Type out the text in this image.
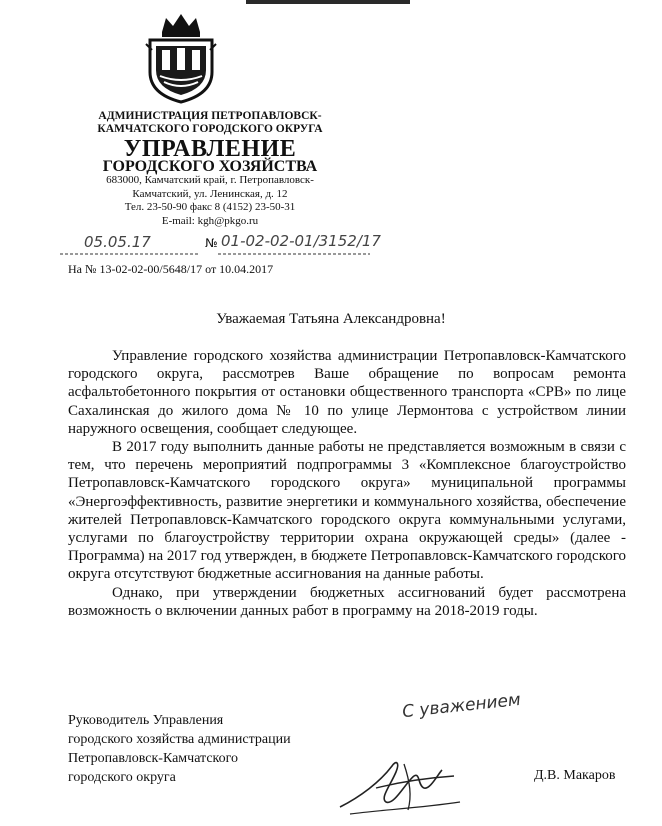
АДМИНИСТРАЦИЯ ПЕТРОПАВЛОВСК-
КАМЧАТСКОГО ГОРОДСКОГО ОКРУГА
УПРАВЛЕНИЕ
ГОРОДСКОГО ХОЗЯЙСТВА
683000, Камчатский край, г. Петропавловск-
Камчатский, ул. Ленинская, д. 12
Тел. 23-50-90 факс 8 (4152) 23-50-31
E-mail: kgh@pkgo.ru
05.05.17	№ 01-02-02-01/3152/17
На № 13-02-02-00/5648/17 от 10.04.2017
Уважаемая Татьяна Александровна!

Управление городского хозяйства администрации Петропавловск-Камчатского городского округа, рассмотрев Ваше обращение по вопросам ремонта асфальтобетонного покрытия от остановки общественного транспорта «СРВ» по лице Сахалинская до жилого дома № 10 по улице Лермонтова с устройством линии наружного освещения, сообщает следующее.

В 2017 году выполнить данные работы не представляется возможным в связи с тем, что перечень мероприятий подпрограммы 3 «Комплексное благоустройство Петропавловск-Камчатского городского округа» муниципальной программы «Энергоэффективность, развитие энергетики и коммунального хозяйства, обеспечение жителей Петропавловск-Камчатского городского округа коммунальными услугами, услугами по благоустройству территории охрана окружающей среды» (далее - Программа) на 2017 год утвержден, в бюджете Петропавловск-Камчатского городского округа отсутствуют бюджетные ассигнования на данные работы.

Однако, при утверждении бюджетных ассигнований будет рассмотрена возможность о включении данных работ в программу на 2018-2019 годы.

С уважением
Руководитель Управления
городского хозяйства администрации
Петропавловск-Камчатского
городского округа	Д.В. Макаров
